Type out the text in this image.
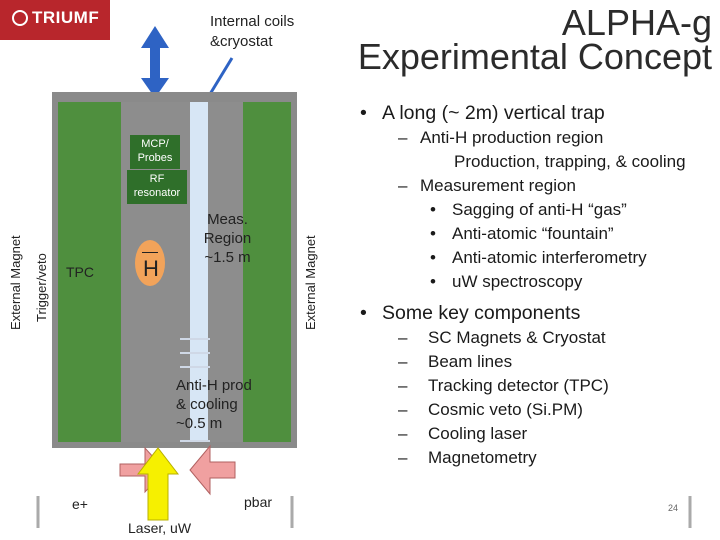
TRIUMF	ALPHA-g
Experimental Concept
Internal coils
&cryostat
MCP/
Probes
RF
resonator
H
TPC
Meas.
Region
~1.5 m
Anti-H prod
& cooling
~0.5 m
External Magnet Trigger/veto	External Magnet
e+	pbar
Laser, uW
• A long (~ 2m) vertical trap
– Anti-H production region
Production, trapping, & cooling
– Measurement region
• Sagging of anti-H “gas”
• Anti-atomic “fountain”
• Anti-atomic interferometry
• uW spectroscopy
• Some key components
–	SC Magnets & Cryostat
–	Beam lines
–	Tracking detector (TPC)
–	Cosmic veto (Si.PM)
–	Cooling laser
–	Magnetometry
24
